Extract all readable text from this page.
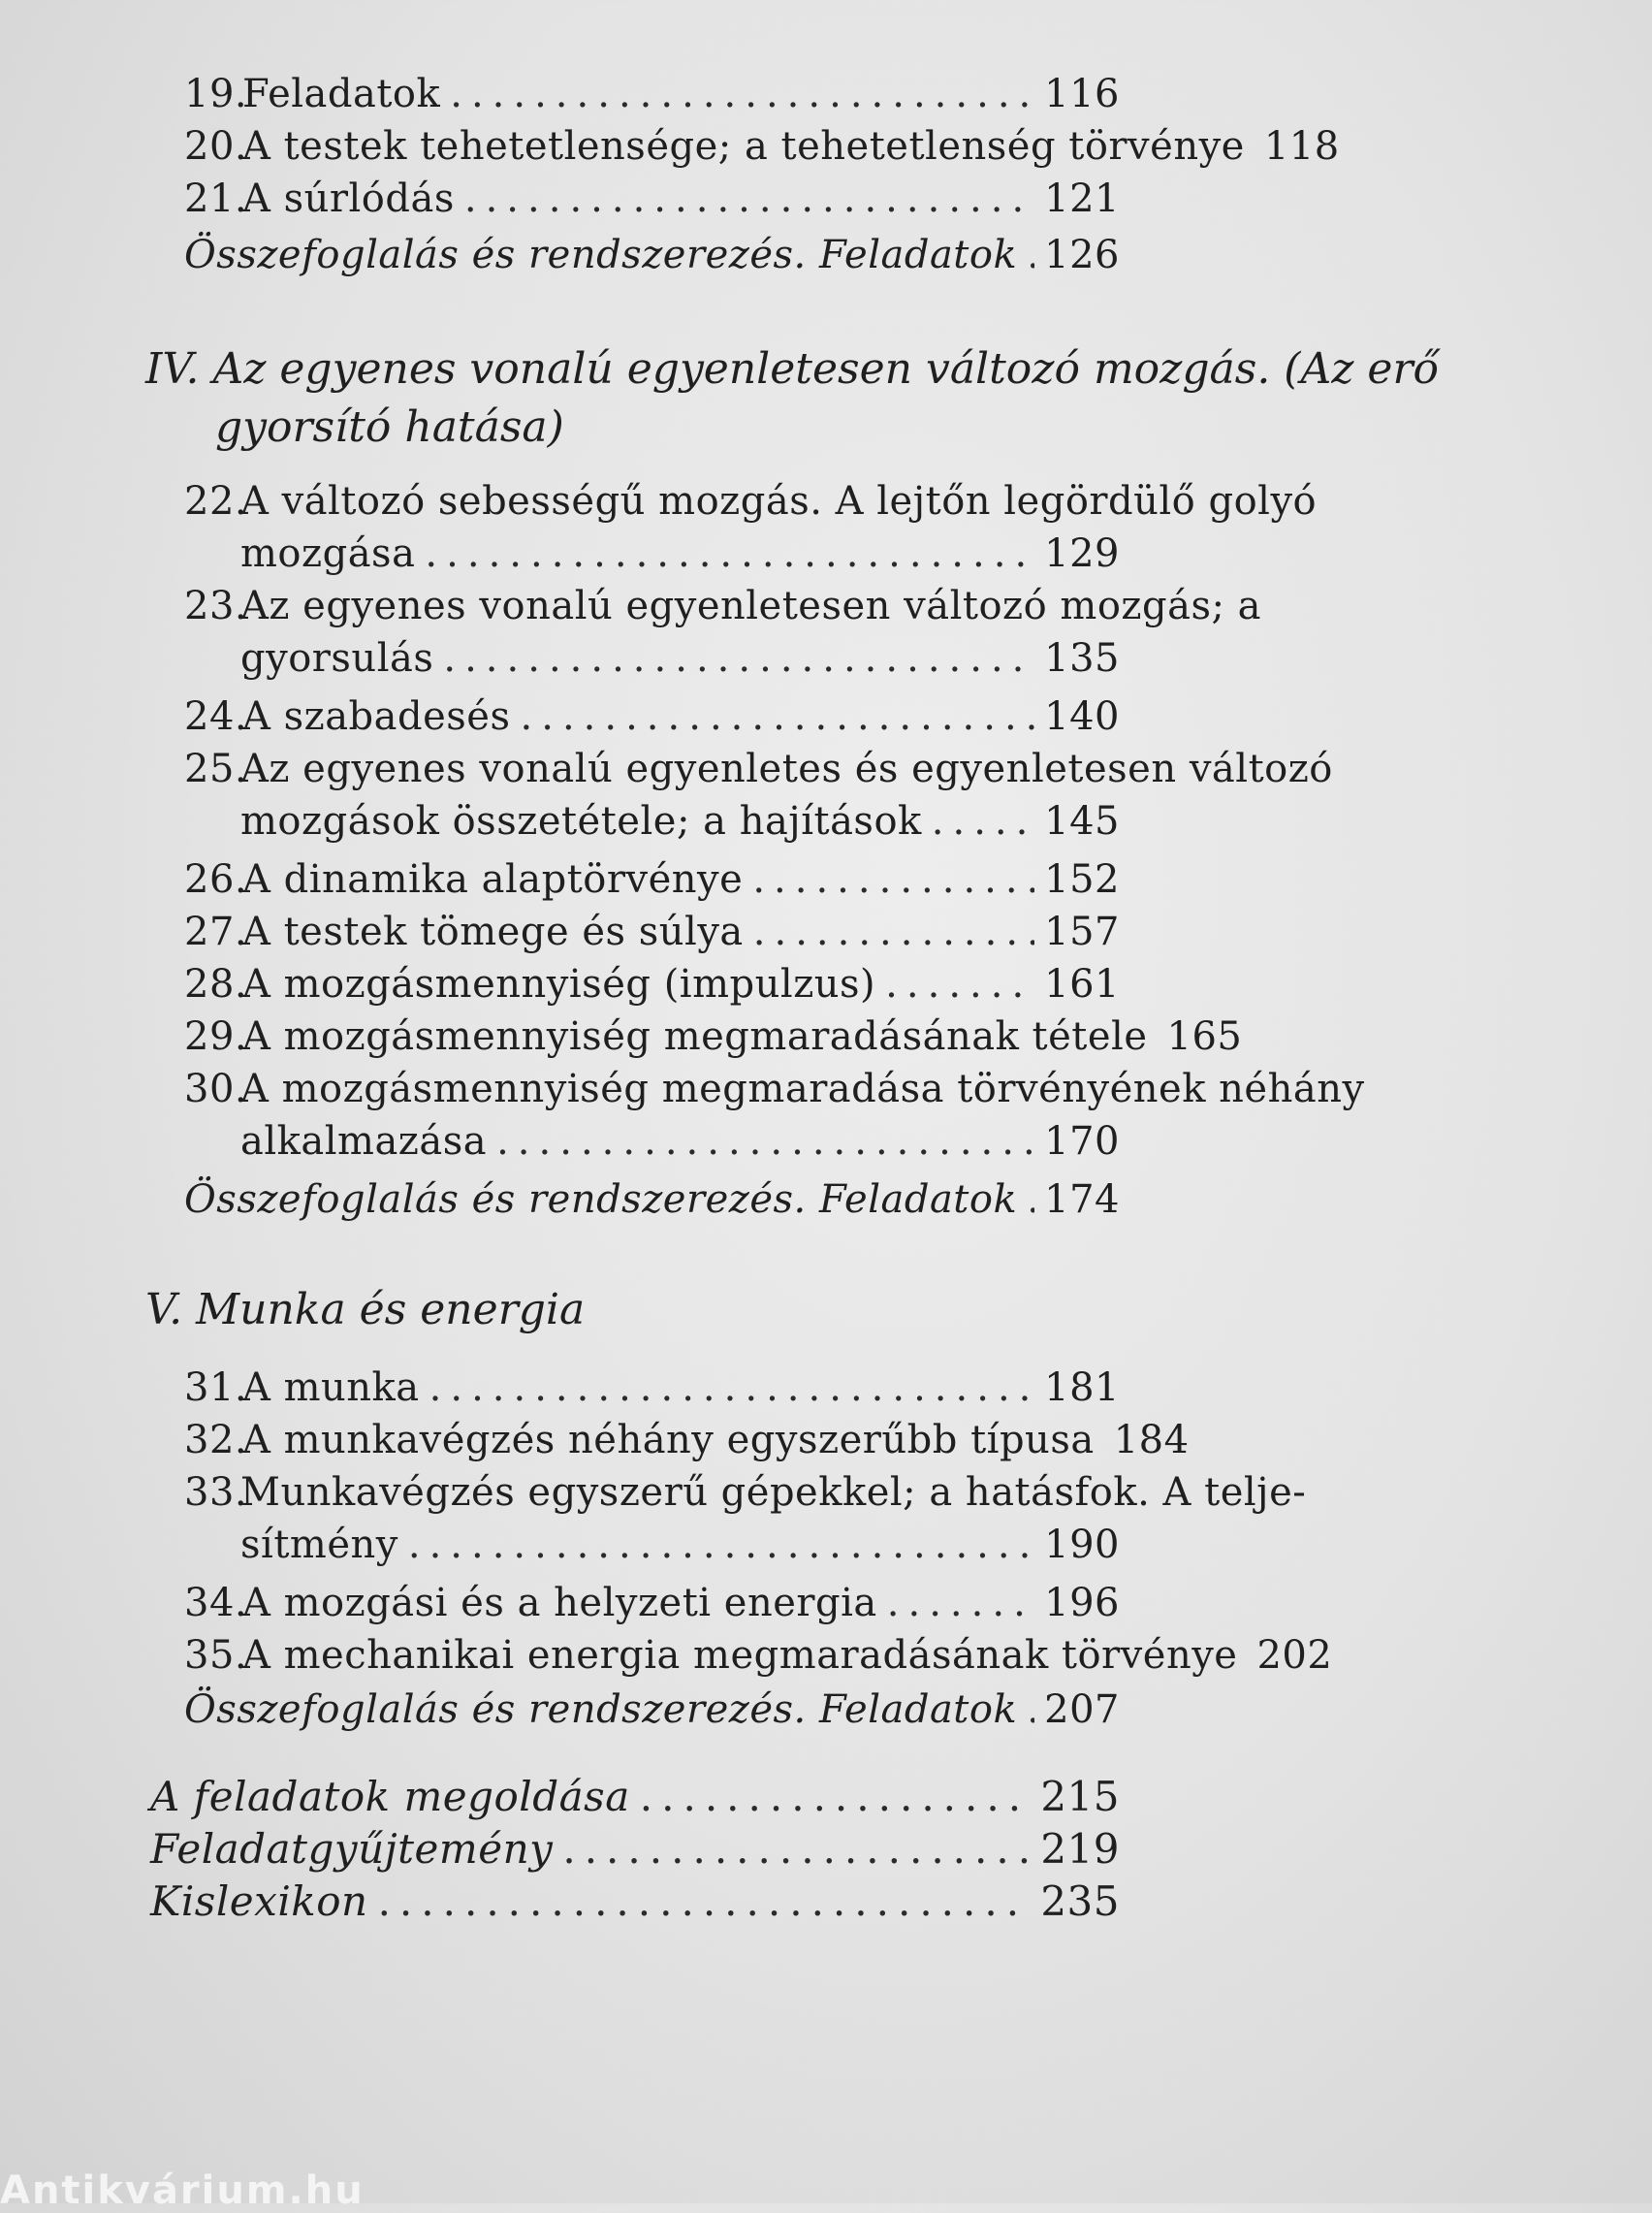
19.
Feladatok .....	116
20.
A testek tehetetlensége; a tehetetlenség törvénye 118
21.
A súrlódás .....	121
Összefoglalás és rendszerezés. Feladatok ..... 126
IV. Az egyenes vonalú egyenletesen változó mozgás. (Az erő
gyorsító hatása)
22.
A változó sebességű mozgás. A lejtőn legördülő golyó
mozgása .....	129
23.
Az egyenes vonalú egyenletesen változó mozgás; a
gyorsulás .....	135
24.
A szabadesés .....	140
25.
Az egyenes vonalú egyenletes és egyenletesen változó
mozgások összetétele; a hajítások .....	145
26.
A dinamika alaptörvénye .....	152
27.
A testek tömege és súlya .....	157
28.
A mozgásmennyiség (impulzus) .....	161
29.
A mozgásmennyiség megmaradásának tétele 165
30.
A mozgásmennyiség megmaradása törvényének néhány
alkalmazása .....	170
Összefoglalás és rendszerezés. Feladatok ..... 174
V. Munka és energia
31.
A munka .....	181
32.
A munkavégzés néhány egyszerűbb típusa 184
33.
Munkavégzés egyszerű gépekkel; a hatásfok. A telje-
sítmény .....	190
34.
A mozgási és a helyzeti energia .....	196
35.
A mechanikai energia megmaradásának törvénye 202
Összefoglalás és rendszerezés. Feladatok ..... 207
A feladatok megoldása .....	215
Feladatgyűjtemény .....	219
Kislexikon .....	235
Antikvárium.hu
